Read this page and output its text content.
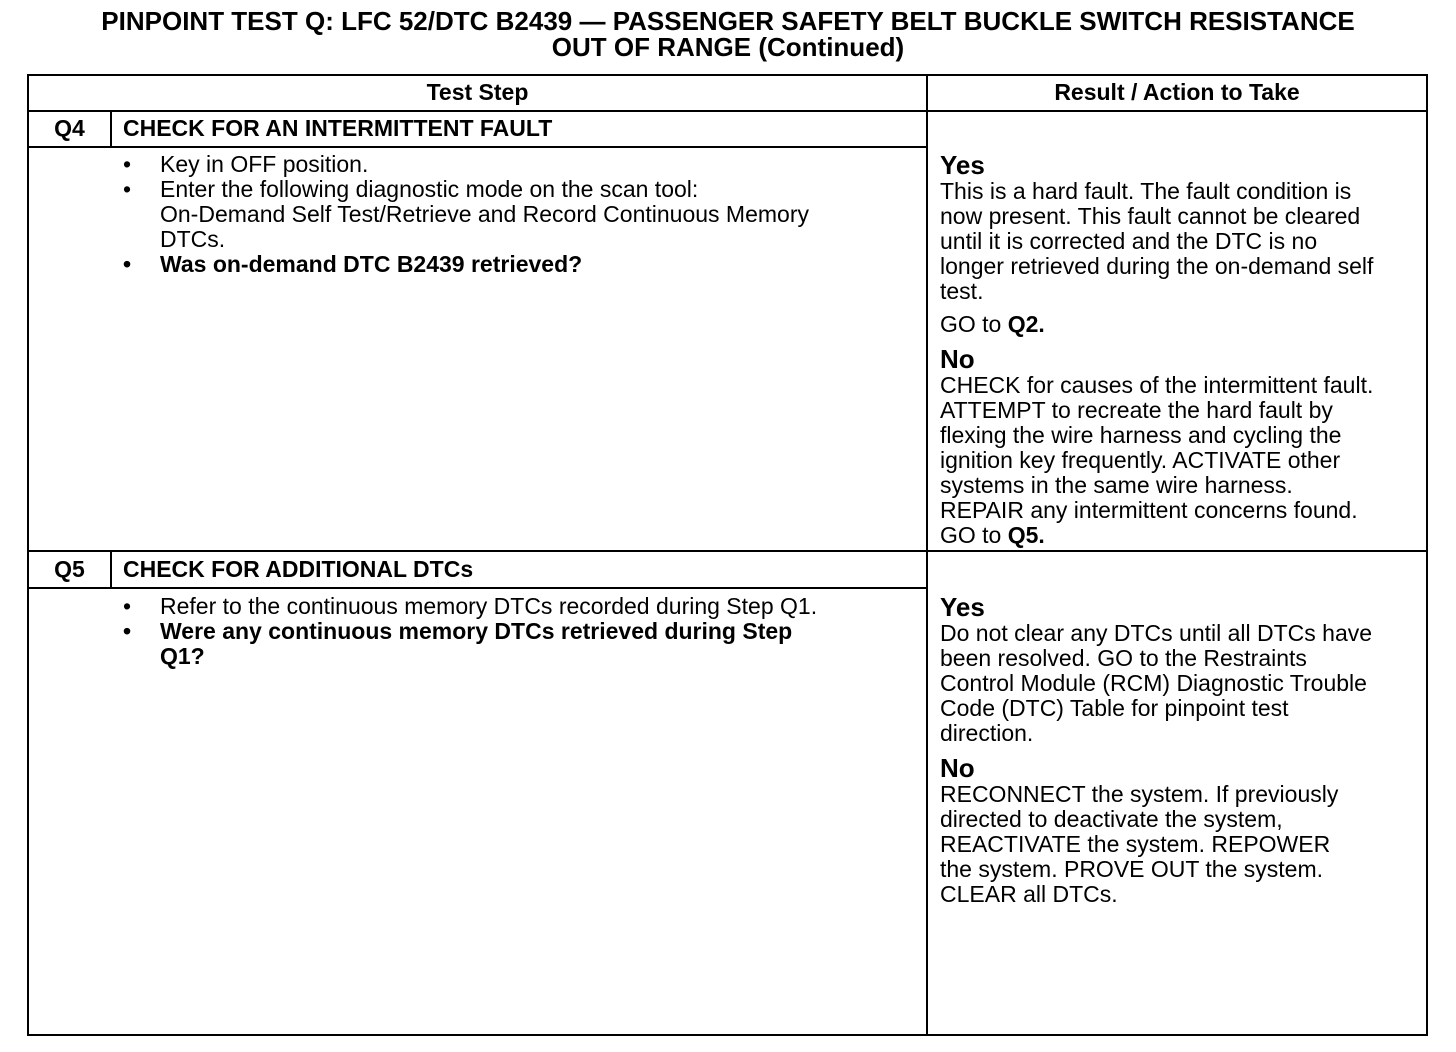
PINPOINT TEST Q: LFC 52/DTC B2439 — PASSENGER SAFETY BELT BUCKLE SWITCH RESISTANCE
OUT OF RANGE (Continued)
Test Step	Result / Action to Take
Q4	CHECK FOR AN INTERMITTENT FAULT
• Key in OFF position.
• Enter the following diagnostic mode on the scan tool:
On-Demand Self Test/Retrieve and Record Continuous Memory
DTCs.
• Was on-demand DTC B2439 retrieved?
Yes

This is a hard fault. The fault condition is

now present. This fault cannot be cleared

until it is corrected and the DTC is no

longer retrieved during the on-demand self

test.

GO to Q2.

No

CHECK for causes of the intermittent fault.

ATTEMPT to recreate the hard fault by

flexing the wire harness and cycling the

ignition key frequently. ACTIVATE other

systems in the same wire harness.

REPAIR any intermittent concerns found.

GO to Q5.

Q5	CHECK FOR ADDITIONAL DTCs
• Refer to the continuous memory DTCs recorded during Step Q1.
• Were any continuous memory DTCs retrieved during Step
Q1?
Yes

Do not clear any DTCs until all DTCs have

been resolved. GO to the Restraints

Control Module (RCM) Diagnostic Trouble

Code (DTC) Table for pinpoint test

direction.

No

RECONNECT the system. If previously

directed to deactivate the system,

REACTIVATE the system. REPOWER

the system. PROVE OUT the system.

CLEAR all DTCs.
